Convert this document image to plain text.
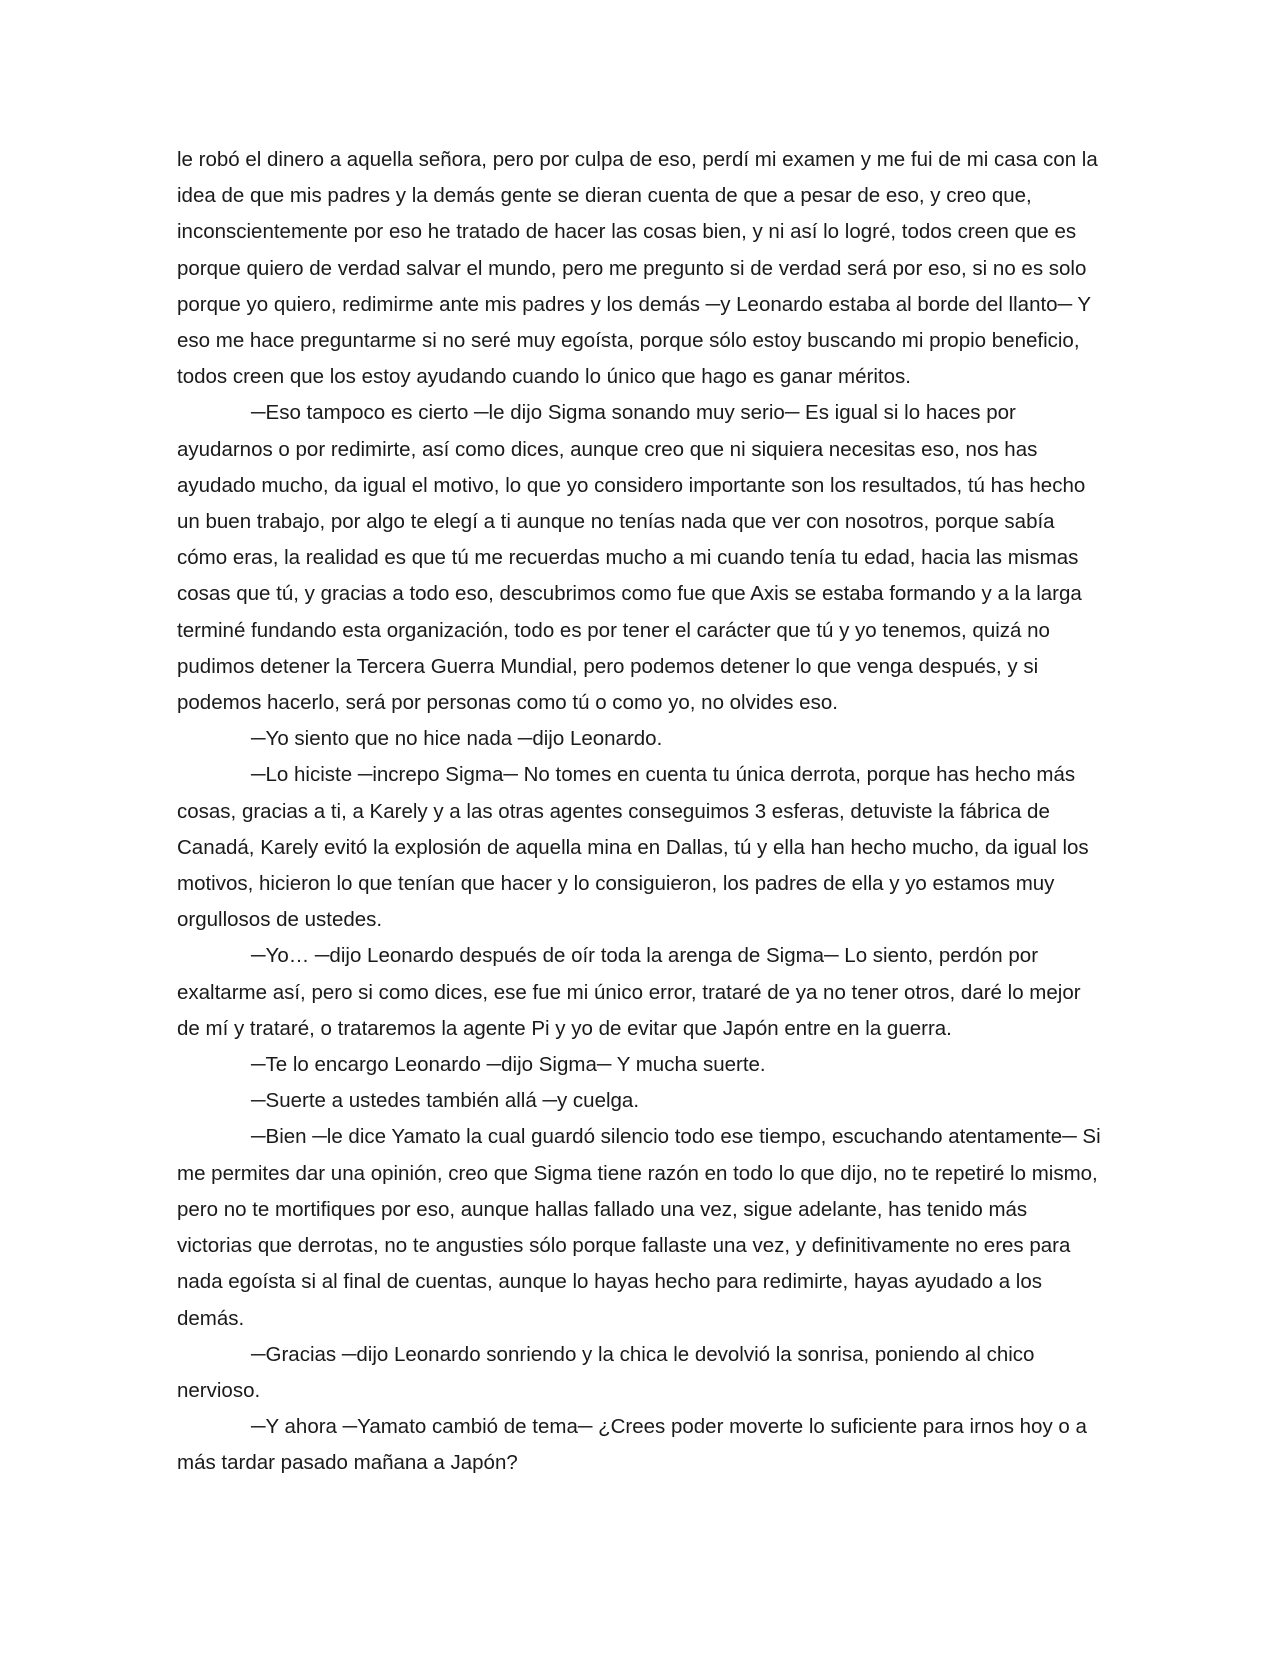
le robó el dinero a aquella señora, pero por culpa de eso, perdí mi examen y me fui de mi casa con la idea de que mis padres y la demás gente se dieran cuenta de que a pesar de eso, y creo que, inconscientemente por eso he tratado de hacer las cosas bien, y ni así lo logré, todos creen que es porque quiero de verdad salvar el mundo, pero me pregunto si de verdad será por eso, si no es solo porque yo quiero, redimirme ante mis padres y los demás ─y Leonardo estaba al borde del llanto─ Y eso me hace preguntarme si no seré muy egoísta, porque sólo estoy buscando mi propio beneficio, todos creen que los estoy ayudando cuando lo único que hago es ganar méritos.

─Eso tampoco es cierto ─le dijo Sigma sonando muy serio─ Es igual si lo haces por ayudarnos o por redimirte, así como dices, aunque creo que ni siquiera necesitas eso, nos has ayudado mucho, da igual el motivo, lo que yo considero importante son los resultados, tú has hecho un buen trabajo, por algo te elegí a ti aunque no tenías nada que ver con nosotros, porque sabía cómo eras, la realidad es que tú me recuerdas mucho a mi cuando tenía tu edad, hacia las mismas cosas que tú, y gracias a todo eso, descubrimos como fue que Axis se estaba formando y a la larga terminé fundando esta organización, todo es por tener el carácter que tú y yo tenemos, quizá no pudimos detener la Tercera Guerra Mundial, pero podemos detener lo que venga después, y si podemos hacerlo, será por personas como tú o como yo, no olvides eso.

─Yo siento que no hice nada ─dijo Leonardo.

─Lo hiciste ─increpo Sigma─ No tomes en cuenta tu única derrota, porque has hecho más cosas, gracias a ti, a Karely y a las otras agentes conseguimos 3 esferas, detuviste la fábrica de Canadá, Karely evitó la explosión de aquella mina en Dallas, tú y ella han hecho mucho, da igual los motivos, hicieron lo que tenían que hacer y lo consiguieron, los padres de ella y yo estamos muy orgullosos de ustedes.

─Yo… ─dijo Leonardo después de oír toda la arenga de Sigma─ Lo siento, perdón por exaltarme así, pero si como dices, ese fue mi único error, trataré de ya no tener otros, daré lo mejor de mí y trataré, o trataremos la agente Pi y yo de evitar que Japón entre en la guerra.

─Te lo encargo Leonardo ─dijo Sigma─ Y mucha suerte.

─Suerte a ustedes también allá ─y cuelga.

─Bien ─le dice Yamato la cual guardó silencio todo ese tiempo, escuchando atentamente─ Si me permites dar una opinión, creo que Sigma tiene razón en todo lo que dijo, no te repetiré lo mismo, pero no te mortifiques por eso, aunque hallas fallado una vez, sigue adelante, has tenido más victorias que derrotas, no te angusties sólo porque fallaste una vez, y definitivamente no eres para nada egoísta si al final de cuentas, aunque lo hayas hecho para redimirte, hayas ayudado a los demás.

─Gracias ─dijo Leonardo sonriendo y la chica le devolvió la sonrisa, poniendo al chico nervioso.

─Y ahora ─Yamato cambió de tema─ ¿Crees poder moverte lo suficiente para irnos hoy o a más tardar pasado mañana a Japón?
